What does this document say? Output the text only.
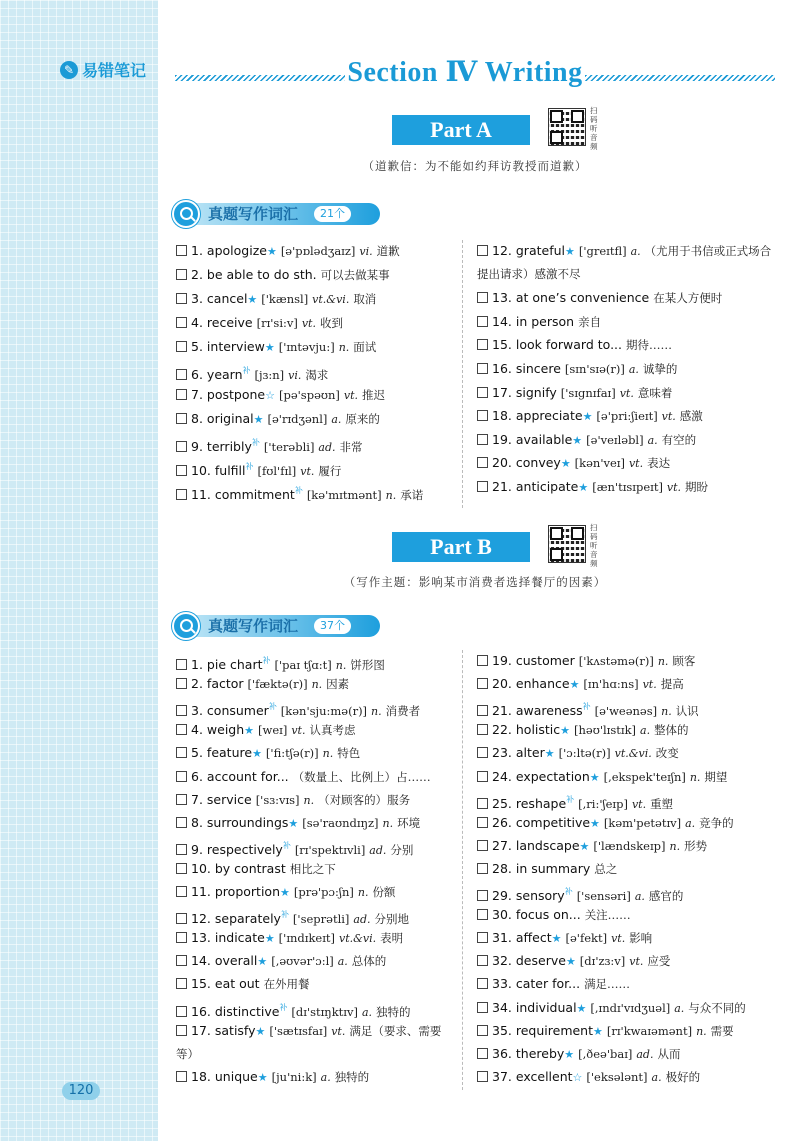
✎ 易错笔记
120
Section Ⅳ Writing
Part A
扫码听音频
（道歉信：为不能如约拜访教授而道歉）
真题写作词汇	21个
1. apologize★ [ə'pɒlədʒaɪz] vi. 道歉
2. be able to do sth. 可以去做某事
3. cancel★ ['kænsl] vt.&vi. 取消
4. receive [rɪ'si:v] vt. 收到
5. interview★ ['ɪntəvju:] n. 面试
6. yearn$^补$ [jɜ:n] vi. 渴求
7. postpone☆ [pə'spəʊn] vt. 推迟
8. original★ [ə'rɪdʒənl] a. 原来的
9. terribly$^补$ ['terəbli] ad. 非常
10. fulfill$^补$ [fʊl'fɪl] vt. 履行
11. commitment$^补$ [kə'mɪtmənt] n. 承诺
12. grateful★ ['greɪtfl] a. （尤用于书信或正式场合提出请求）感激不尽
13. at one’s convenience 在某人方便时
14. in person 亲自
15. look forward to... 期待……
16. sincere [sɪn'sɪə(r)] a. 诚挚的
17. signify ['sɪgnɪfaɪ] vt. 意味着
18. appreciate★ [ə'pri:ʃieɪt] vt. 感激
19. available★ [ə'veɪləbl] a. 有空的
20. convey★ [kən'veɪ] vt. 表达
21. anticipate★ [æn'tɪsɪpeɪt] vt. 期盼
Part B
扫码听音频
（写作主题：影响某市消费者选择餐厅的因素）
真题写作词汇	37个
1. pie chart$^补$ ['paɪ tʃɑ:t] n. 饼形图
2. factor ['fæktə(r)] n. 因素
3. consumer$^补$ [kən'sju:mə(r)] n. 消费者
4. weigh★ [weɪ] vt. 认真考虑
5. feature★ ['fi:tʃə(r)] n. 特色
6. account for... （数量上、比例上）占……
7. service ['sɜ:vɪs] n. （对顾客的）服务
8. surroundings★ [sə'raʊndɪŋz] n. 环境
9. respectively$^补$ [rɪ'spektɪvli] ad. 分别
10. by contrast 相比之下
11. proportion★ [prə'pɔ:ʃn] n. 份额
12. separately$^补$ ['seprətli] ad. 分别地
13. indicate★ ['ɪndɪkeɪt] vt.&vi. 表明
14. overall★ [,əʊvər'ɔ:l] a. 总体的
15. eat out 在外用餐
16. distinctive$^补$ [dɪ'stɪŋktɪv] a. 独特的
17. satisfy★ ['sætɪsfaɪ] vt. 满足（要求、需要等）
18. unique★ [ju'ni:k] a. 独特的
19. customer ['kʌstəmə(r)] n. 顾客
20. enhance★ [ɪn'hɑ:ns] vt. 提高
21. awareness$^补$ [ə'weənəs] n. 认识
22. holistic★ [həʊ'lɪstɪk] a. 整体的
23. alter★ ['ɔ:ltə(r)] vt.&vi. 改变
24. expectation★ [,ekspek'teɪʃn] n. 期望
25. reshape$^补$ [,ri:'ʃeɪp] vt. 重塑
26. competitive★ [kəm'petətɪv] a. 竞争的
27. landscape★ ['lændskeɪp] n. 形势
28. in summary 总之
29. sensory$^补$ ['sensəri] a. 感官的
30. focus on... 关注……
31. affect★ [ə'fekt] vt. 影响
32. deserve★ [dɪ'zɜ:v] vt. 应受
33. cater for... 满足……
34. individual★ [,ɪndɪ'vɪdʒuəl] a. 与众不同的
35. requirement★ [rɪ'kwaɪəmənt] n. 需要
36. thereby★ [,ðeə'baɪ] ad. 从而
37. excellent☆ ['eksələnt] a. 极好的
